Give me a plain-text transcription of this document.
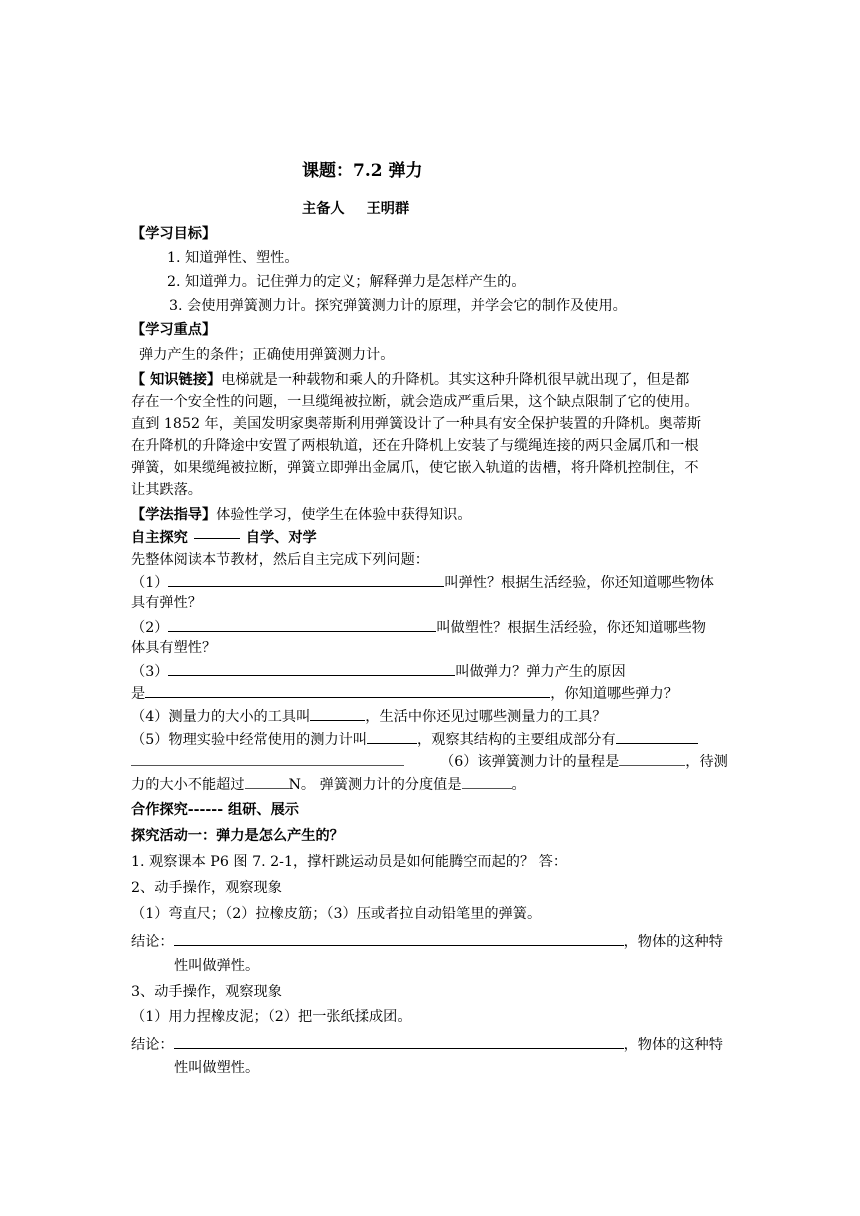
课题：7.2 弹力
主备人 王明群
【学习目标】
1. 知道弹性、塑性。
2. 知道弹力。记住弹力的定义；解释弹力是怎样产生的。
3. 会使用弹簧测力计。探究弹簧测力计的原理，并学会它的制作及使用。
【学习重点】
弹力产生的条件；正确使用弹簧测力计。
【 知识链接】电梯就是一种载物和乘人的升降机。其实这种升降机很早就出现了，但是都
存在一个安全性的问题，一旦缆绳被拉断，就会造成严重后果，这个缺点限制了它的使用。
直到 1852 年，美国发明家奥蒂斯利用弹簧设计了一种具有安全保护装置的升降机。奥蒂斯
在升降机的升降途中安置了两根轨道，还在升降机上安装了与缆绳连接的两只金属爪和一根
弹簧，如果缆绳被拉断，弹簧立即弹出金属爪，使它嵌入轨道的齿槽，将升降机控制住，不
让其跌落。
【学法指导】体验性学习，使学生在体验中获得知识。
自主探究	自学、对学
先整体阅读本节教材，然后自主完成下列问题：
（1）	叫弹性？根据生活经验，你还知道哪些物体
具有弹性？
（2）	叫做塑性？根据生活经验，你还知道哪些物
体具有塑性？
（3）	叫做弹力？弹力产生的原因
是	，你知道哪些弹力？
（4）测量力的大小的工具叫	，生活中你还见过哪些测量力的工具？
（5）物理实验中经常使用的测力计叫	，观察其结构的主要组成部分有
（6）该弹簧测力计的量程是	，待测
力的大小不能超过	N。 弹簧测力计的分度值是	。
合作探究------ 组研、展示
探究活动一：弹力是怎么产生的？
1. 观察课本 P6 图 7. 2-1，撑杆跳运动员是如何能腾空而起的？ 答：
2、动手操作，观察现象
（1）弯直尺；（2）拉橡皮筋；（3）压或者拉自动铅笔里的弹簧。
结论：	，物体的这种特
性叫做弹性。
3、动手操作，观察现象
（1）用力捏橡皮泥；（2）把一张纸揉成团。
结论：	，物体的这种特
性叫做塑性。
